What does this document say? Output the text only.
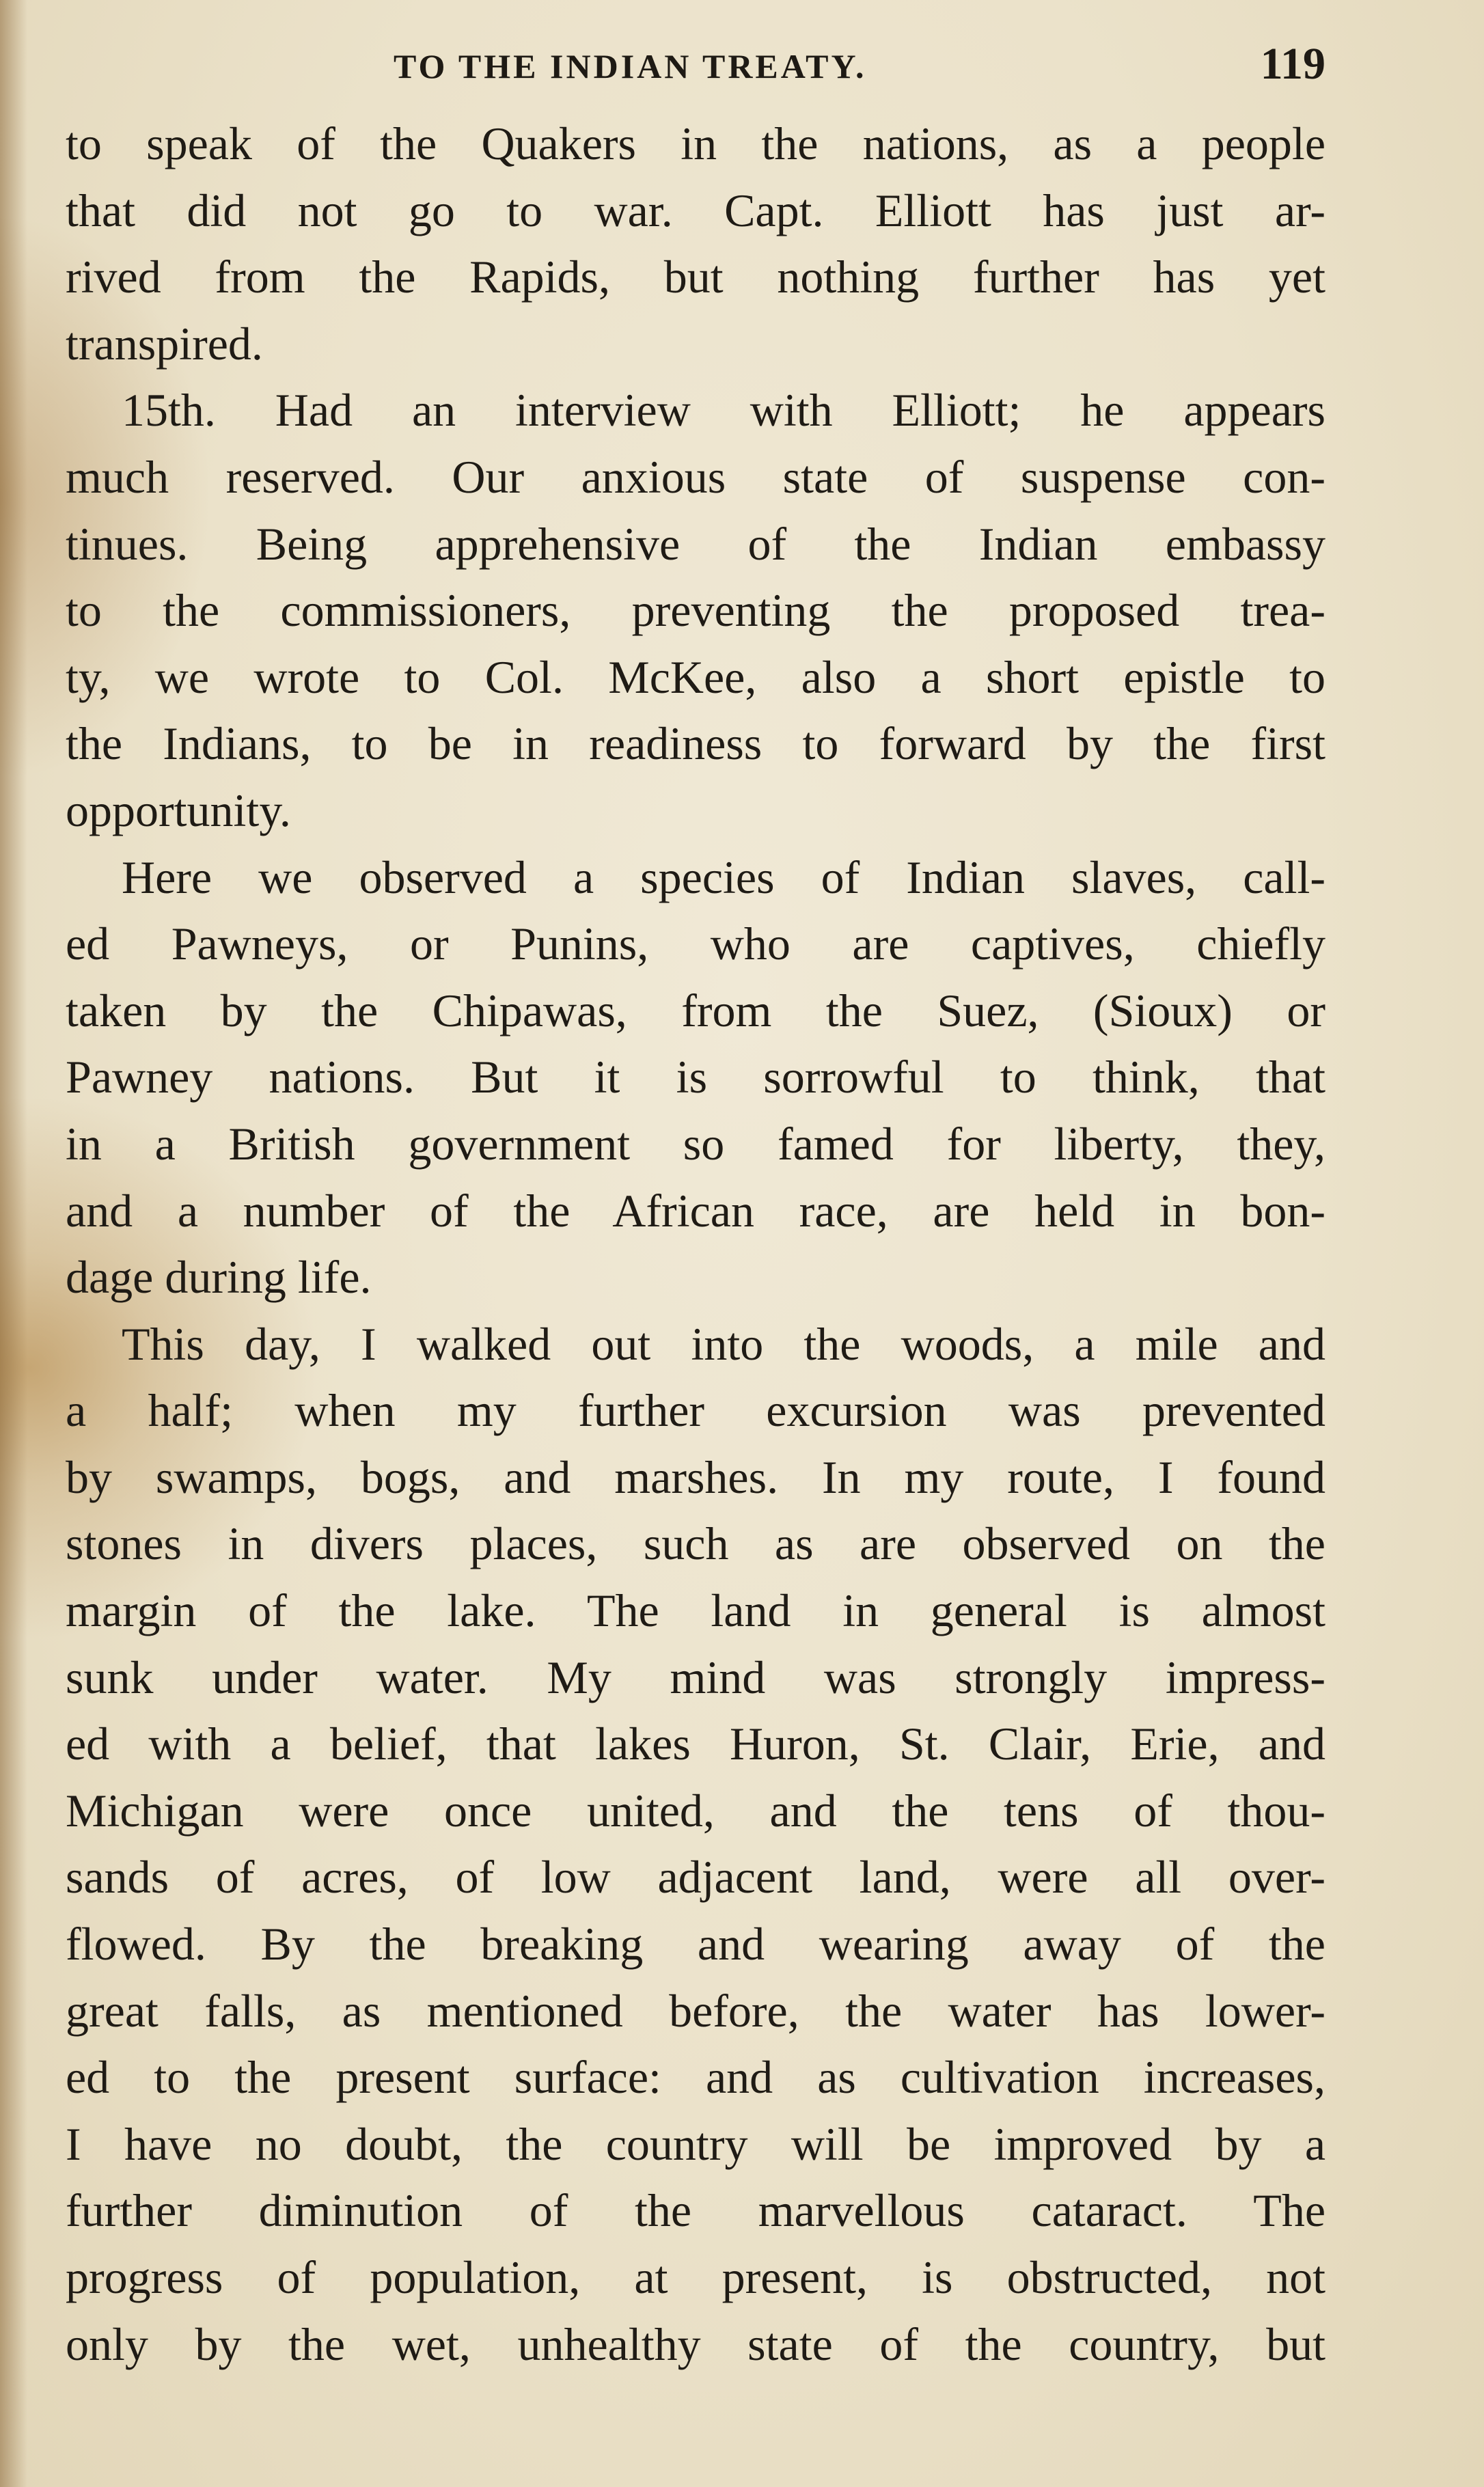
TO THE INDIAN TREATY.	119
to speak of the Quakers in the nations, as a people
that did not go to war. Capt. Elliott has just ar-
rived from the Rapids, but nothing further has yet
transpired.
15th. Had an interview with Elliott; he appears
much reserved. Our anxious state of suspense con-
tinues. Being apprehensive of the Indian embassy
to the commissioners, preventing the proposed trea-
ty, we wrote to Col. McKee, also a short epistle to
the Indians, to be in readiness to forward by the first
opportunity.
Here we observed a species of Indian slaves, call-
ed Pawneys, or Punins, who are captives, chiefly
taken by the Chipawas, from the Suez, (Sioux) or
Pawney nations. But it is sorrowful to think, that
in a British government so famed for liberty, they,
and a number of the African race, are held in bon-
dage during life.
This day, I walked out into the woods, a mile and
a half; when my further excursion was prevented
by swamps, bogs, and marshes. In my route, I found
stones in divers places, such as are observed on the
margin of the lake. The land in general is almost
sunk under water. My mind was strongly impress-
ed with a belief, that lakes Huron, St. Clair, Erie, and
Michigan were once united, and the tens of thou-
sands of acres, of low adjacent land, were all over-
flowed. By the breaking and wearing away of the
great falls, as mentioned before, the water has lower-
ed to the present surface: and as cultivation increases,
I have no doubt, the country will be improved by a
further diminution of the marvellous cataract. The
progress of population, at present, is obstructed, not
only by the wet, unhealthy state of the country, but
